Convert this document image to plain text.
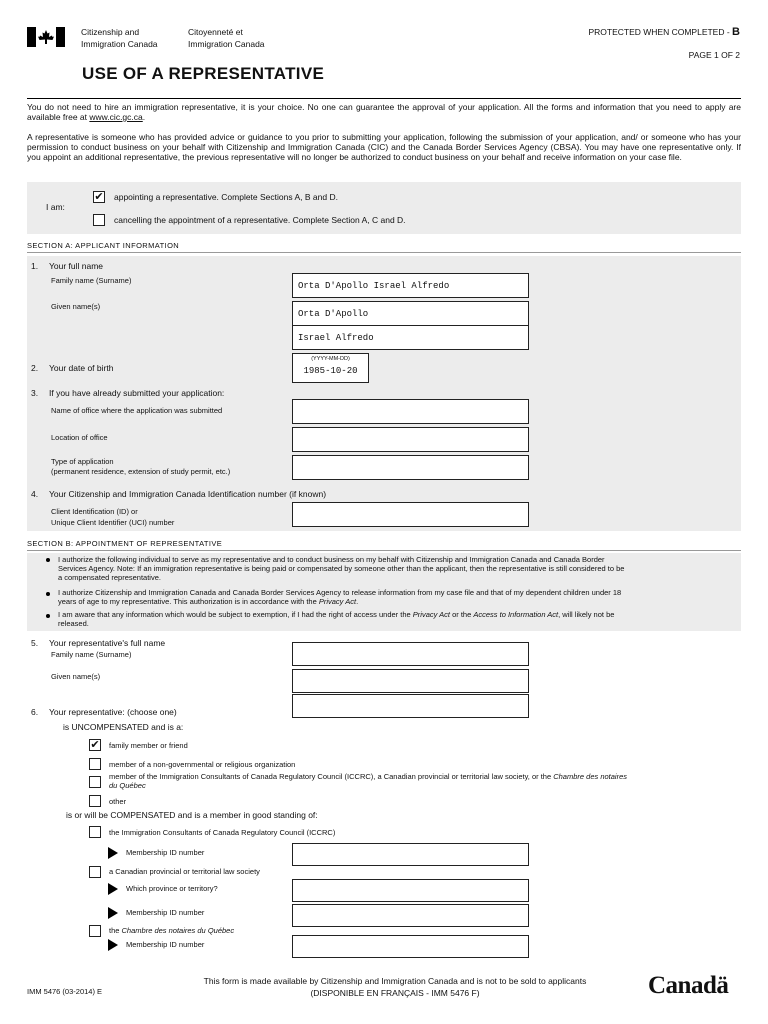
Citizenship and
Immigration Canada
Citoyenneté et
Immigration Canada
PROTECTED WHEN COMPLETED - B
PAGE 1 OF 2
USE OF A REPRESENTATIVE
You do not need to hire an immigration representative, it is your choice. No one can guarantee the approval of your application. All the forms and information that you need to apply are available free at www.cic.gc.ca.
A representative is someone who has provided advice or guidance to you prior to submitting your application, following the submission of your application, and/ or someone who has your permission to conduct business on your behalf with Citizenship and Immigration Canada (CIC) and the Canada Border Services Agency (CBSA). You may have one representative only. If you appoint an additional representative, the previous representative will no longer be authorized to conduct business on your behalf and receive information on your case file.
I am:
✔ appointing a representative. Complete Sections A, B and D.
cancelling the appointment of a representative. Complete Section A, C and D.
SECTION A: APPLICANT INFORMATION
1. Your full name
Family name (Surname)	Orta D'Apollo Israel Alfredo
Given name(s)
Orta D'Apollo
Israel Alfredo
2. Your date of birth
(YYYY-MM-DD)
1985-10-20
3. If you have already submitted your application:
Name of office where the application was submitted
Location of office
Type of application
(permanent residence, extension of study permit, etc.)
4. Your Citizenship and Immigration Canada Identification number (if known)
Client Identification (ID) or
Unique Client Identifier (UCI) number
SECTION B: APPOINTMENT OF REPRESENTATIVE
I authorize the following individual to serve as my representative and to conduct business on my behalf with Citizenship and Immigration Canada and Canada Border
Services Agency. Note: If an immigration representative is being paid or compensated by someone other than the applicant, then the representative is still considered to be
a compensated representative.
I authorize Citizenship and Immigration Canada and Canada Border Services Agency to release information from my case file and that of my dependent children under 18
years of age to my representative. This authorization is in accordance with the Privacy Act.
I am aware that any information which would be subject to exemption, if I had the right of access under the Privacy Act or the Access to Information Act, will likely not be
released.
5. Your representative's full name
Family name (Surname)
Given name(s)
6. Your representative: (choose one)
is UNCOMPENSATED and is a:
✔ family member or friend
member of a non-governmental or religious organization
member of the Immigration Consultants of Canada Regulatory Council (ICCRC), a Canadian provincial or territorial law society, or the Chambre des notaires
du Québec
other
is or will be COMPENSATED and is a member in good standing of:
the Immigration Consultants of Canada Regulatory Council (ICCRC)
Membership ID number
a Canadian provincial or territorial law society
Which province or territory?
Membership ID number
the Chambre des notaires du Québec
Membership ID number
IMM 5476 (03-2014) E
This form is made available by Citizenship and Immigration Canada and is not to be sold to applicants
(DISPONIBLE EN FRANÇAIS - IMM 5476 F)	Canadä
